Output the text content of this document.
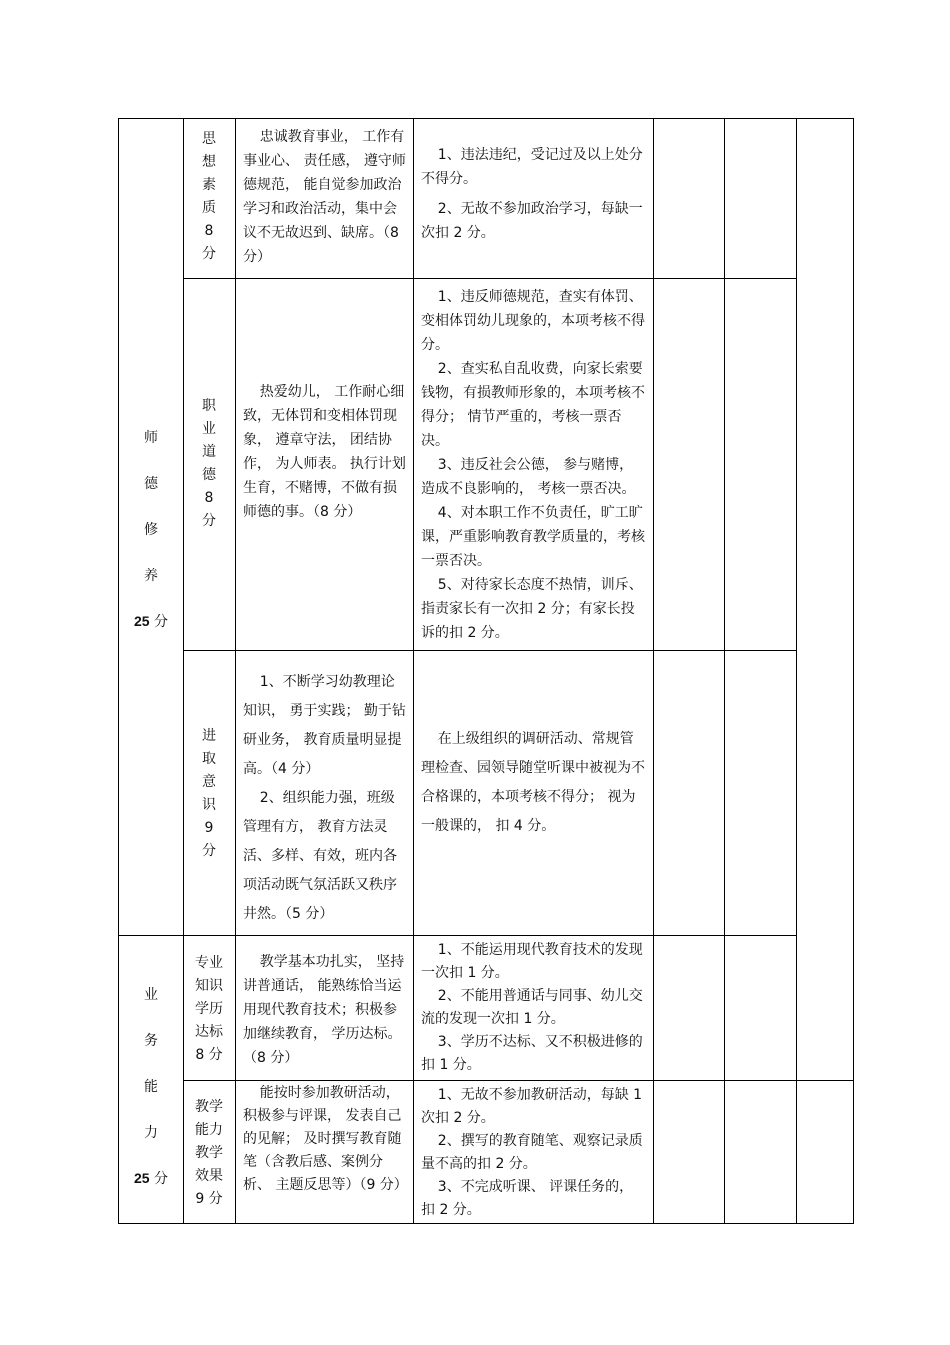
师
德
修
养
25 分
业
务
能
力
25 分
思
想
素
质
8
分

忠诚教育事业， 工作有事业心、 责任感， 遵守师德规范， 能自觉参加政治学习和政治活动，集中会议不无故迟到、缺席。（8 分）

1、违法违纪，受记过及以上处分不得分。

2、无故不参加政治学习，每缺一次扣 2 分。

职
业
道
德
8
分

热爱幼儿， 工作耐心细致，无体罚和变相体罚现象， 遵章守法， 团结协作， 为人师表。 执行计划生育，不赌博，不做有损师德的事。（8 分）

1、违反师德规范，查实有体罚、变相体罚幼儿现象的，本项考核不得分。

2、查实私自乱收费，向家长索要钱物，有损教师形象的，本项考核不得分； 情节严重的，考核一票否决。

3、违反社会公德， 参与赌博，造成不良影响的， 考核一票否决。

4、对本职工作不负责任，旷工旷课，严重影响教育教学质量的，考核一票否决。

5、对待家长态度不热情，训斥、指责家长有一次扣 2 分；有家长投诉的扣 2 分。

进
取
意
识
9
分

1、不断学习幼教理论知识， 勇于实践； 勤于钻研业务， 教育质量明显提高。（4 分）

2、组织能力强，班级管理有方， 教育方法灵活、多样、有效，班内各项活动既气氛活跃又秩序井然。（5 分）

在上级组织的调研活动、常规管理检查、园领导随堂听课中被视为不合格课的，本项考核不得分； 视为一般课的， 扣 4 分。

专业
知识
学历
达标
8 分

教学基本功扎实， 坚持讲普通话， 能熟练恰当运用现代教育技术；积极参加继续教育， 学历达标。（8 分）

1、不能运用现代教育技术的发现一次扣 1 分。

2、不能用普通话与同事、幼儿交流的发现一次扣 1 分。

3、学历不达标、又不积极进修的扣 1 分。

教学
能力
教学
效果
9 分

能按时参加教研活动，积极参与评课， 发表自己的见解； 及时撰写教育随笔（含教后感、案例分析、 主题反思等）（9 分）

1、无故不参加教研活动，每缺 1 次扣 2 分。

2、撰写的教育随笔、观察记录质量不高的扣 2 分。

3、不完成听课、 评课任务的，扣 2 分。
